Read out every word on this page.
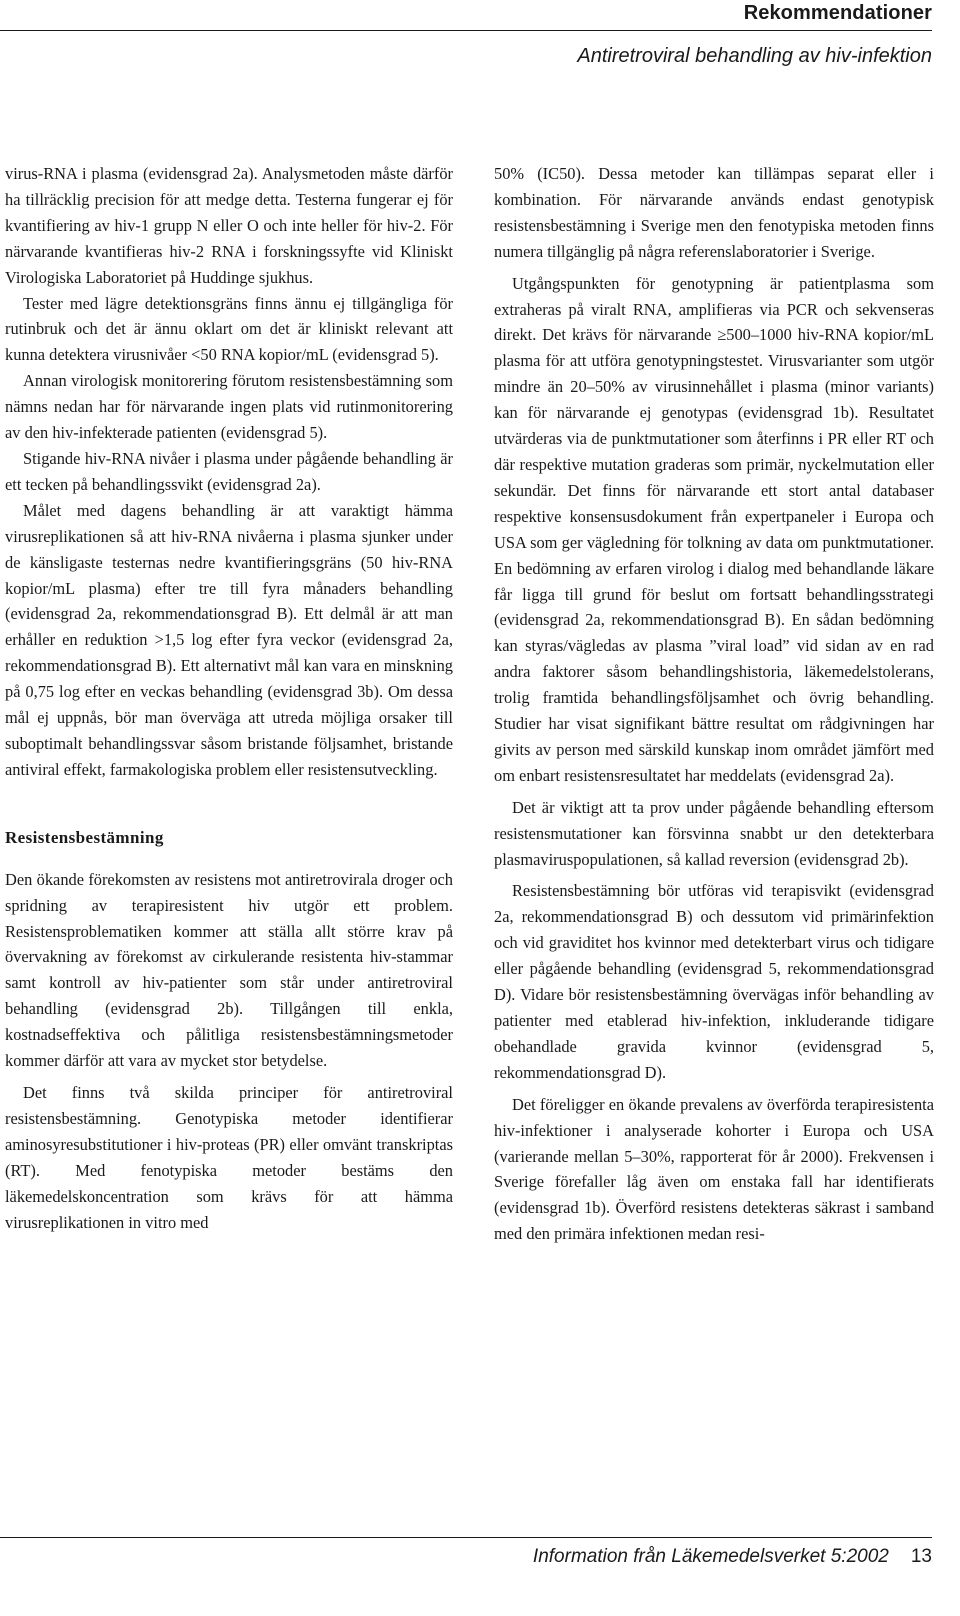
Rekommendationer
Antiretroviral behandling av hiv-infektion

virus-RNA i plasma (evidensgrad 2a). Analysmetoden måste därför ha tillräcklig precision för att medge detta. Testerna fungerar ej för kvantifiering av hiv-1 grupp N eller O och inte heller för hiv-2. För närvarande kvantifieras hiv-2 RNA i forskningssyfte vid Kliniskt Virologiska Laboratoriet på Huddinge sjukhus.

Tester med lägre detektionsgräns finns ännu ej tillgängliga för rutinbruk och det är ännu oklart om det är kliniskt relevant att kunna detektera virusnivåer <50 RNA kopior/mL (evidensgrad 5).

Annan virologisk monitorering förutom resistensbestämning som nämns nedan har för närvarande ingen plats vid rutinmonitorering av den hiv-infekterade patienten (evidensgrad 5).

Stigande hiv-RNA nivåer i plasma under pågående behandling är ett tecken på behandlingssvikt (evidensgrad 2a).

Målet med dagens behandling är att varaktigt hämma virusreplikationen så att hiv-RNA nivåerna i plasma sjunker under de känsligaste testernas nedre kvantifieringsgräns (50 hiv-RNA kopior/mL plasma) efter tre till fyra månaders behandling (evidensgrad 2a, rekommendationsgrad B). Ett delmål är att man erhåller en reduktion >1,5 log efter fyra veckor (evidensgrad 2a, rekommendationsgrad B). Ett alternativt mål kan vara en minskning på 0,75 log efter en veckas behandling (evidensgrad 3b). Om dessa mål ej uppnås, bör man överväga att utreda möjliga orsaker till suboptimalt behandlingssvar såsom bristande följsamhet, bristande antiviral effekt, farmakologiska problem eller resistensutveckling.

Resistensbestämning

Den ökande förekomsten av resistens mot antiretrovirala droger och spridning av terapiresistent hiv utgör ett problem. Resistensproblematiken kommer att ställa allt större krav på övervakning av förekomst av cirkulerande resistenta hiv-stammar samt kontroll av hiv-patienter som står under antiretroviral behandling (evidensgrad 2b). Tillgången till enkla, kostnadseffektiva och pålitliga resistensbestämningsmetoder kommer därför att vara av mycket stor betydelse.

Det finns två skilda principer för antiretroviral resistensbestämning. Genotypiska metoder identifierar aminosyresubstitutioner i hiv-proteas (PR) eller omvänt transkriptas (RT). Med fenotypiska metoder bestäms den läkemedelskoncentration som krävs för att hämma virusreplikationen in vitro med

50% (IC50). Dessa metoder kan tillämpas separat eller i kombination. För närvarande används endast genotypisk resistensbestämning i Sverige men den fenotypiska metoden finns numera tillgänglig på några referenslaboratorier i Sverige.

Utgångspunkten för genotypning är patientplasma som extraheras på viralt RNA, amplifieras via PCR och sekvenseras direkt. Det krävs för närvarande ≥500–1000 hiv-RNA kopior/mL plasma för att utföra genotypningstestet. Virusvarianter som utgör mindre än 20–50% av virusinnehållet i plasma (minor variants) kan för närvarande ej genotypas (evidensgrad 1b). Resultatet utvärderas via de punktmutationer som återfinns i PR eller RT och där respektive mutation graderas som primär, nyckelmutation eller sekundär. Det finns för närvarande ett stort antal databaser respektive konsensusdokument från expertpaneler i Europa och USA som ger vägledning för tolkning av data om punktmutationer. En bedömning av erfaren virolog i dialog med behandlande läkare får ligga till grund för beslut om fortsatt behandlingsstrategi (evidensgrad 2a, rekommendationsgrad B). En sådan bedömning kan styras/vägledas av plasma ”viral load” vid sidan av en rad andra faktorer såsom behandlingshistoria, läkemedelstolerans, trolig framtida behandlingsföljsamhet och övrig behandling. Studier har visat signifikant bättre resultat om rådgivningen har givits av person med särskild kunskap inom området jämfört med om enbart resistensresultatet har meddelats (evidensgrad 2a).

Det är viktigt att ta prov under pågående behandling eftersom resistensmutationer kan försvinna snabbt ur den detekterbara plasmaviruspopulationen, så kallad reversion (evidensgrad 2b).

Resistensbestämning bör utföras vid terapisvikt (evidensgrad 2a, rekommendationsgrad B) och dessutom vid primärinfektion och vid graviditet hos kvinnor med detekterbart virus och tidigare eller pågående behandling (evidensgrad 5, rekommendationsgrad D). Vidare bör resistensbestämning övervägas inför behandling av patienter med etablerad hiv-infektion, inkluderande tidigare obehandlade gravida kvinnor (evidensgrad 5, rekommendationsgrad D).

Det föreligger en ökande prevalens av överförda terapiresistenta hiv-infektioner i analyserade kohorter i Europa och USA (varierande mellan 5–30%, rapporterat för år 2000). Frekvensen i Sverige förefaller låg även om enstaka fall har identifierats (evidensgrad 1b). Överförd resistens detekteras säkrast i samband med den primära infektionen medan resi-

Information från Läkemedelsverket 5:2002 13
